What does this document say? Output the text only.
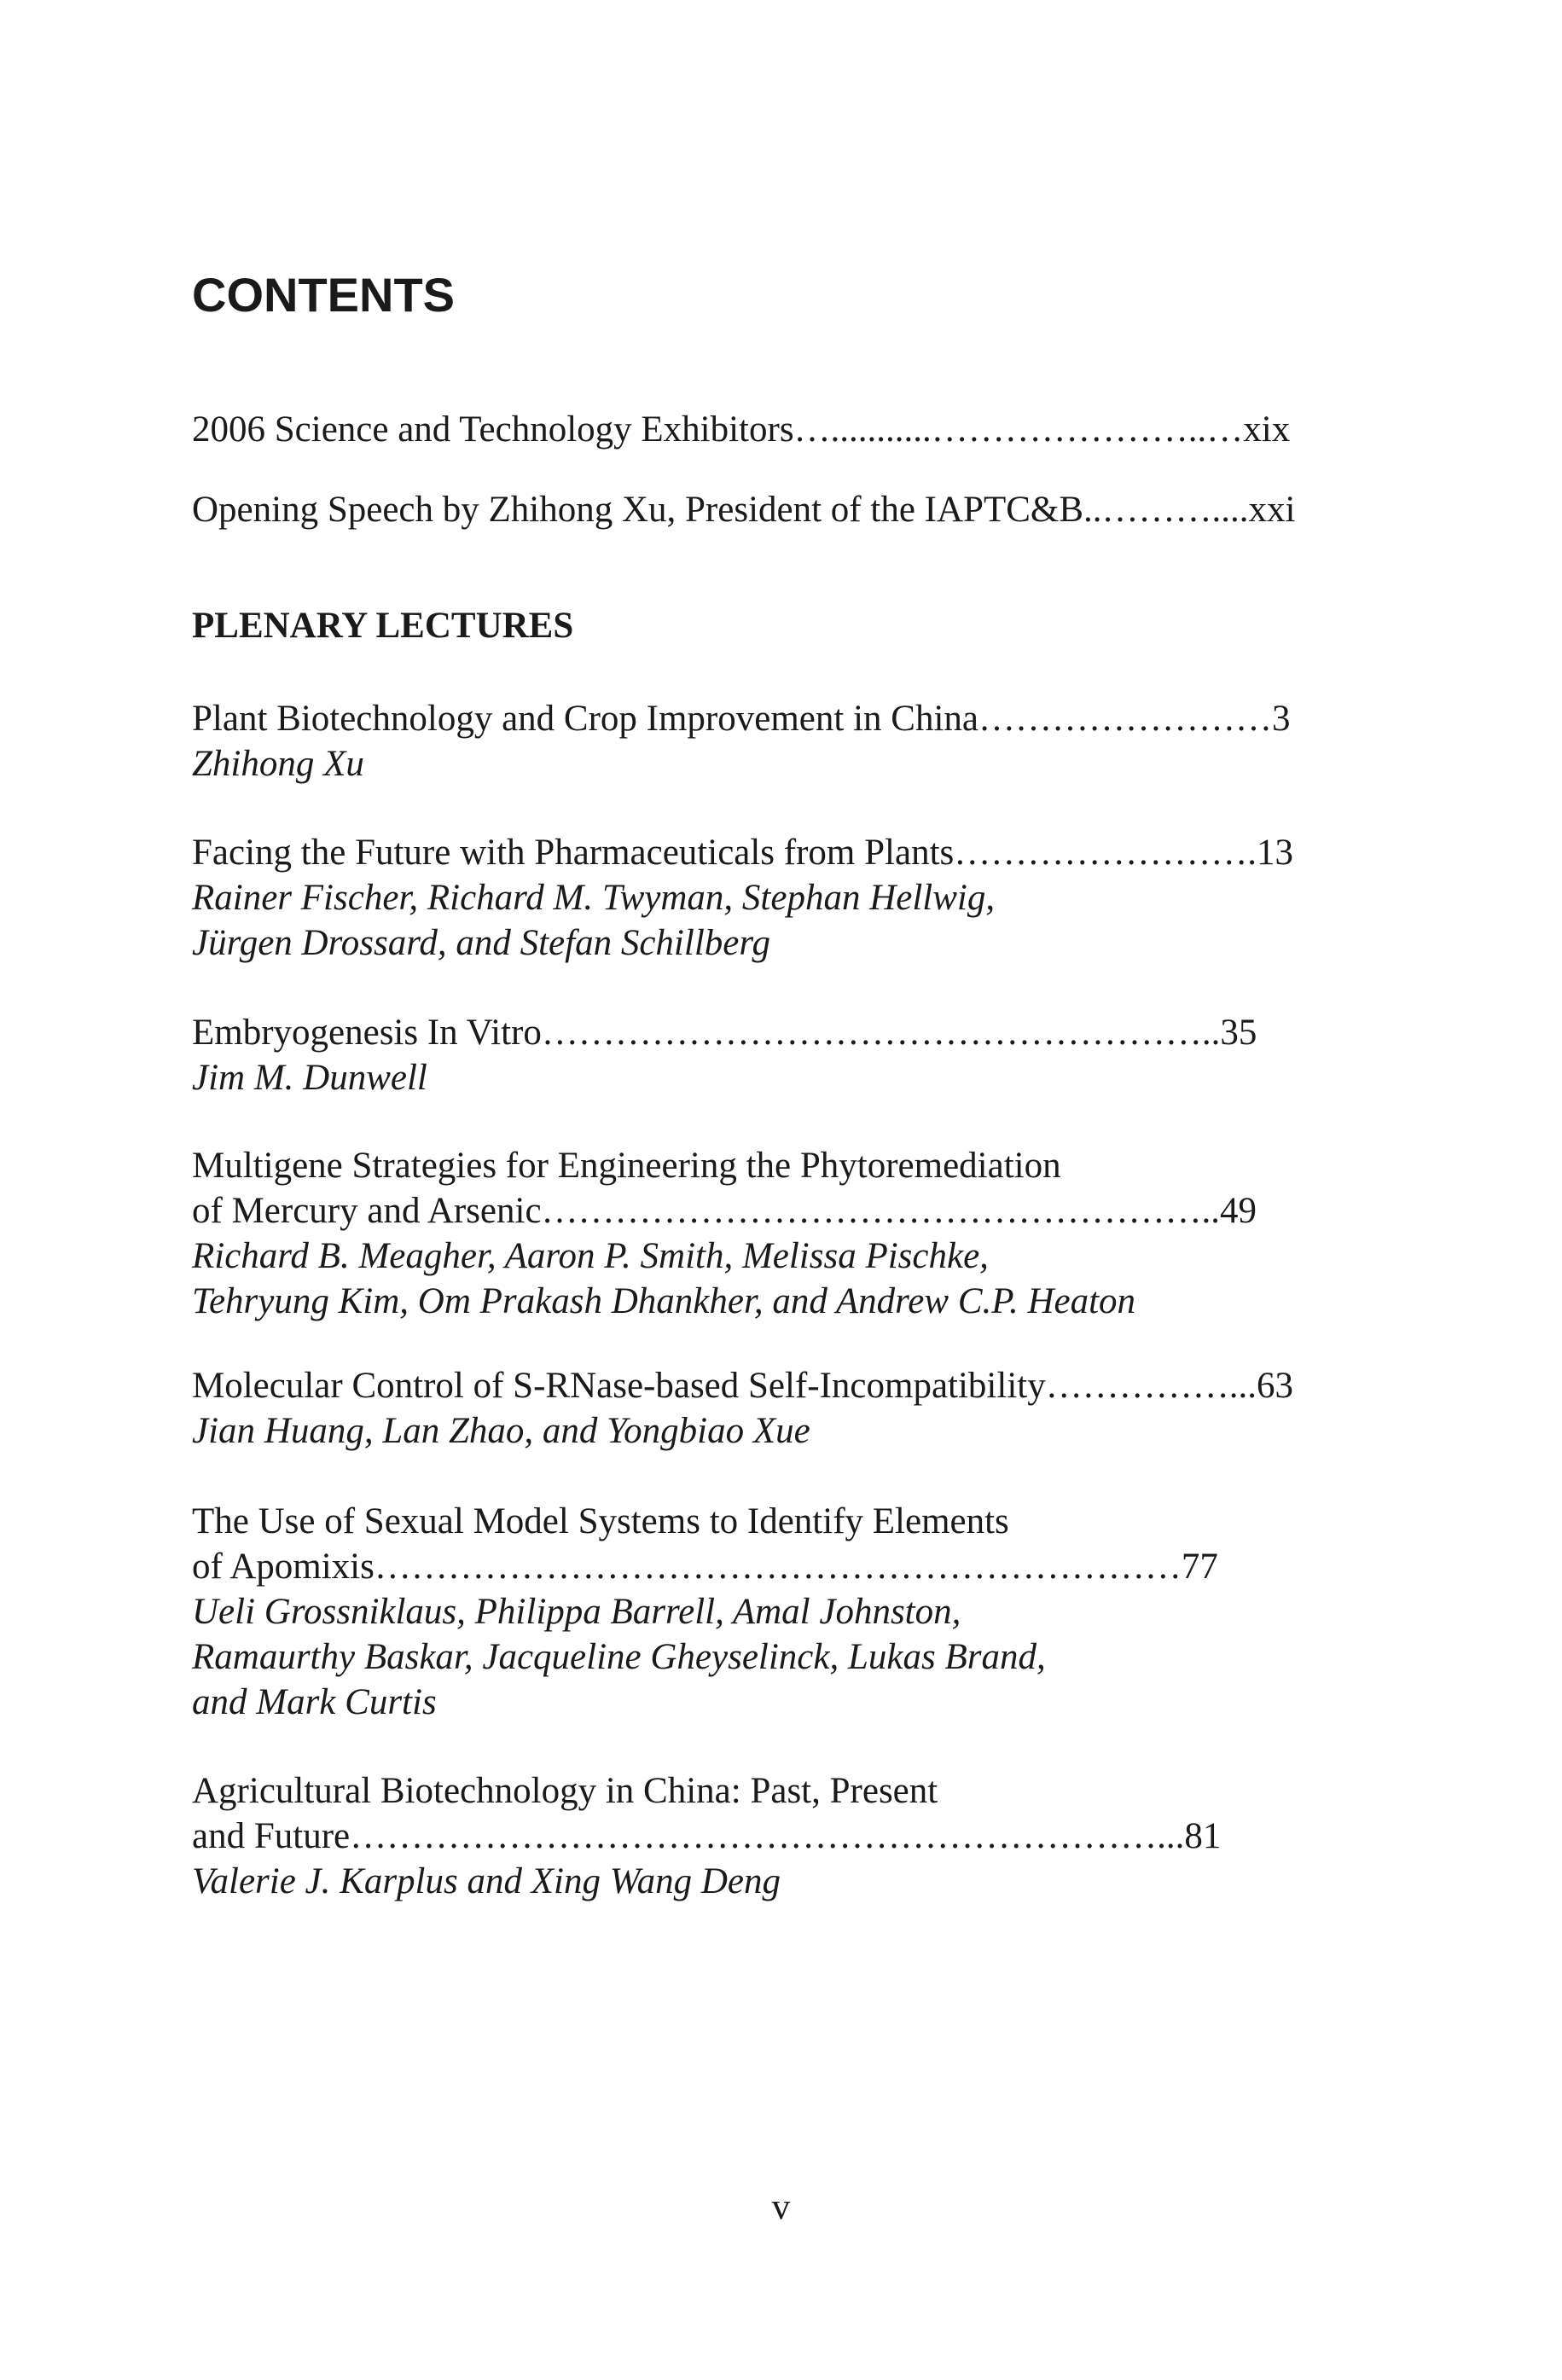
CONTENTS
2006 Science and Technology Exhibitors…...........…………………..…xix
Opening Speech by Zhihong Xu, President of the IAPTC&B..………....xxi
PLENARY LECTURES
Plant Biotechnology and Crop Improvement in China……………………3
Zhihong Xu
Facing the Future with Pharmaceuticals from Plants…………………….13
Rainer Fischer, Richard M. Twyman, Stephan Hellwig,
Jürgen Drossard, and Stefan Schillberg
Embryogenesis In Vitro………………………………………………..35
Jim M. Dunwell
Multigene Strategies for Engineering the Phytoremediation
of Mercury and Arsenic………………………………………………..49
Richard B. Meagher, Aaron P. Smith, Melissa Pischke,
Tehryung Kim, Om Prakash Dhankher, and Andrew C.P. Heaton
Molecular Control of S-RNase-based Self-Incompatibility……………...63
Jian Huang, Lan Zhao, and Yongbiao Xue
The Use of Sexual Model Systems to Identify Elements
of Apomixis…………………………………………………………77
Ueli Grossniklaus, Philippa Barrell, Amal Johnston,
Ramaurthy Baskar, Jacqueline Gheyselinck, Lukas Brand,
and Mark Curtis
Agricultural Biotechnology in China: Past, Present
and Future…………………………………………………………...81
Valerie J. Karplus and Xing Wang Deng
v
